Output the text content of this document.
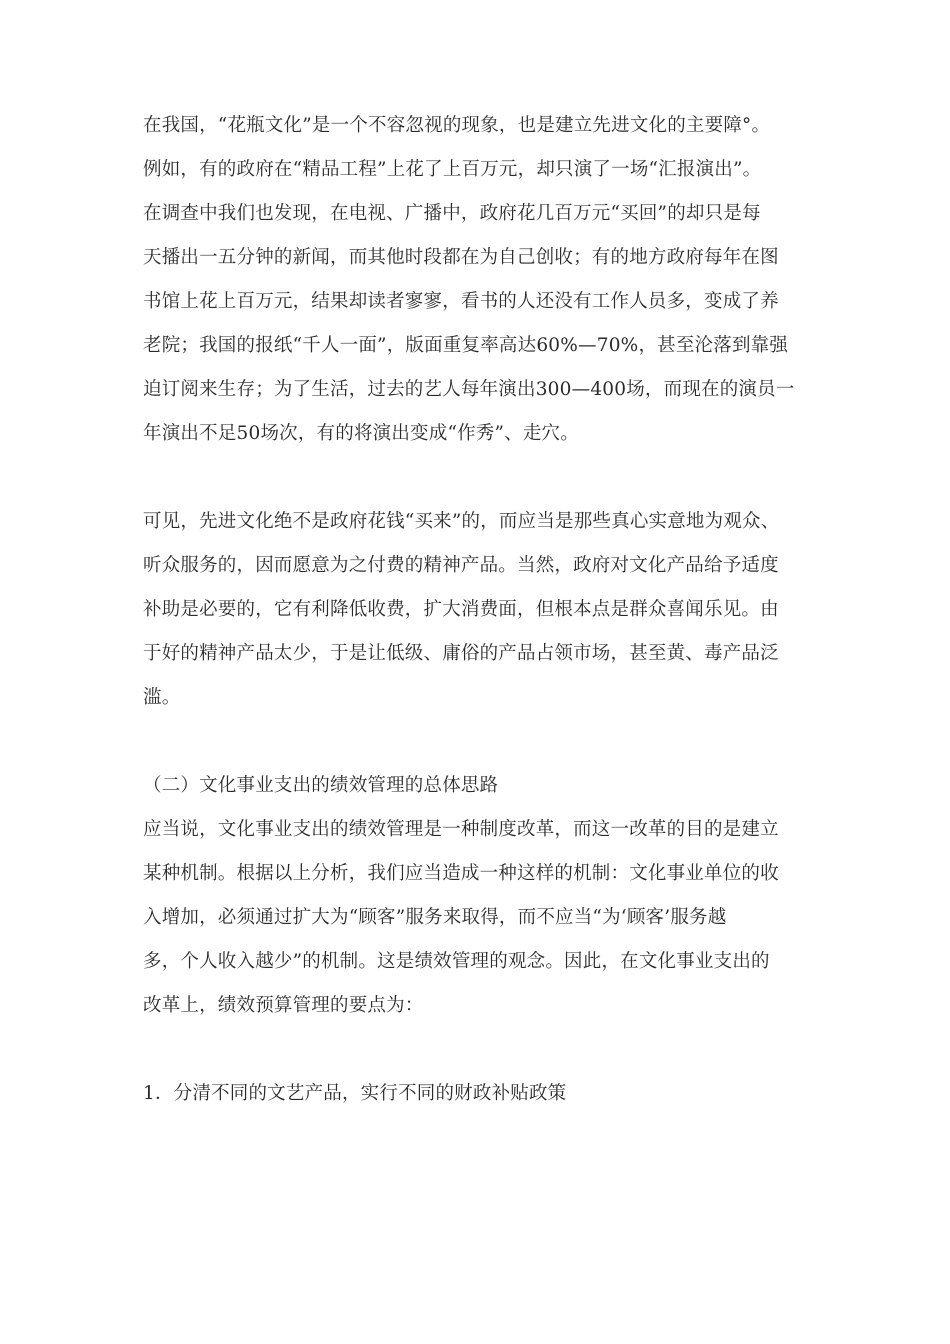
在我国，“花瓶文化”是一个不容忽视的现象，也是建立先进文化的主要障°。
例如，有的政府在“精品工程”上花了上百万元，却只演了一场“汇报演出”。
在调查中我们也发现，在电视、广播中，政府花几百万元“买回”的却只是每
天播出一五分钟的新闻，而其他时段都在为自己创收；有的地方政府每年在图
书馆上花上百万元，结果却读者寥寥，看书的人还没有工作人员多，变成了养
老院；我国的报纸“千人一面”，版面重复率高达60%—70%，甚至沦落到靠强
迫订阅来生存；为了生活，过去的艺人每年演出300—400场，而现在的演员一
年演出不足50场次，有的将演出变成“作秀”、走穴。
可见，先进文化绝不是政府花钱“买来”的，而应当是那些真心实意地为观众、
听众服务的，因而愿意为之付费的精神产品。当然，政府对文化产品给予适度
补助是必要的，它有利降低收费，扩大消费面，但根本点是群众喜闻乐见。由
于好的精神产品太少，于是让低级、庸俗的产品占领市场，甚至黄、毒产品泛
滥。
（二）文化事业支出的绩效管理的总体思路
应当说，文化事业支出的绩效管理是一种制度改革，而这一改革的目的是建立
某种机制。根据以上分析，我们应当造成一种这样的机制：文化事业单位的收
入增加，必须通过扩大为“顾客”服务来取得，而不应当“为‘顾客’服务越
多，个人收入越少”的机制。这是绩效管理的观念。因此，在文化事业支出的
改革上，绩效预算管理的要点为：
1．分清不同的文艺产品，实行不同的财政补贴政策
